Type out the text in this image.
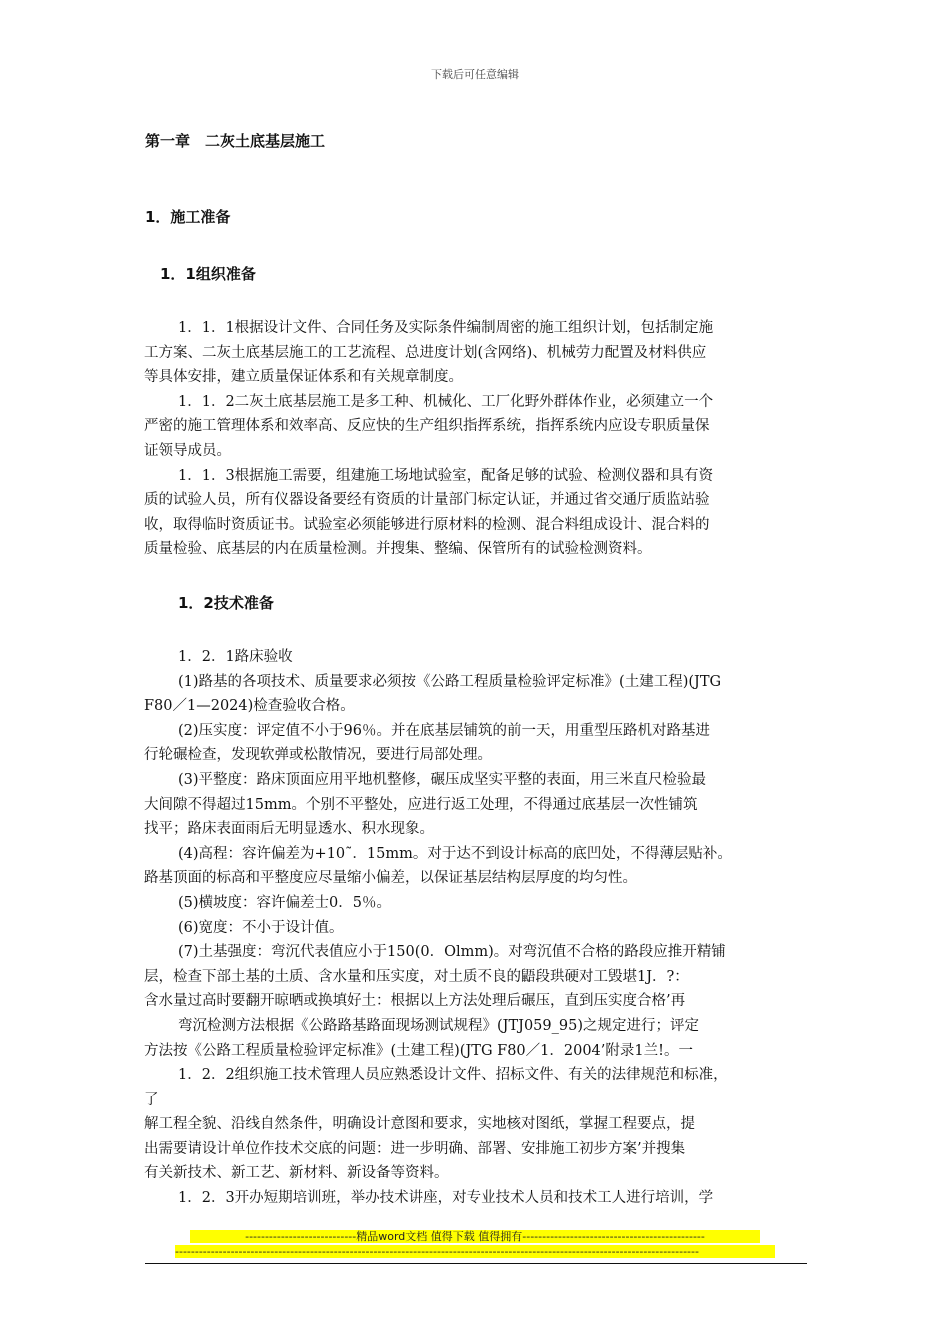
下载后可任意编辑
第一章　二灰土底基层施工
1．施工准备
1．1组织准备
1．1．1根据设计文件、合同任务及实际条件编制周密的施工组织计划，包括制定施
工方案、二灰土底基层施工的工艺流程、总进度计划(含网络)、机械劳力配置及材料供应
等具体安排，建立质量保证体系和有关规章制度。
1．1．2二灰土底基层施工是多工种、机械化、工厂化野外群体作业，必须建立一个
严密的施工管理体系和效率高、反应快的生产组织指挥系统，指挥系统内应设专职质量保
证领导成员。
1．1．3根据施工需要，组建施工场地试验室，配备足够的试验、检测仪器和具有资
质的试验人员，所有仪器设备要经有资质的计量部门标定认证，并通过省交通厅质监站验
收，取得临时资质证书。试验室必须能够进行原材料的检测、混合料组成设计、混合料的
质量检验、底基层的内在质量检测。并搜集、整编、保管所有的试验检测资料。
1．2技术准备
1．2．1路床验收
(1)路基的各项技术、质量要求必须按《公路工程质量检验评定标准》(土建工程)(JTG
F80／1—2024)检查验收合格。
(2)压实度：评定值不小于96％。并在底基层铺筑的前一天，用重型压路机对路基进
行轮碾检查，发现软弹或松散情况，要进行局部处理。
(3)平整度：路床顶面应用平地机整修，碾压成坚实平整的表面，用三米直尺检验最
大间隙不得超过15mm。个别不平整处，应进行返工处理，不得通过底基层一次性铺筑
找平；路床表面雨后无明显透水、积水现象。
(4)高程：容许偏差为+10˜．15mm。对于达不到设计标高的底凹处，不得薄层贴补。
路基顶面的标高和平整度应尽量缩小偏差，以保证基层结构层厚度的均匀性。
(5)横坡度：容许偏差士0．5％。
(6)宽度：不小于设计值。
(7)土基强度：弯沉代表值应小于150(0．Olmm)。对弯沉值不合格的路段应推开精铺
层，检查下部土基的土质、含水量和压实度，对土质不良的鼯段珙硬对工毁堪1J．?：
含水量过高时要翻开晾晒或换填好土：根据以上方法处理后碾压，直到压实度合格’再
弯沉检测方法根据《公路路基路面现场测试规程》(JTJ059_95)之规定进行；评定
方法按《公路工程质量检验评定标准》(土建工程)(JTG F80／1．2004’附录1兰!。一
1．2．2组织施工技术管理人员应熟悉设计文件、招标文件、有关的法律规范和标准，
了
解工程全貌、沿线自然条件，明确设计意图和要求，实地核对图纸，掌握工程要点，提
出需要请设计单位作技术交底的问题：进一步明确、部署、安排施工初步方案’并搜集
有关新技术、新工艺、新材料、新设备等资料。
1．2．3开办短期培训班，举办技术讲座，对专业技术人员和技术工人进行培训，学
----------------------------精品word文档 值得下载 值得拥有----------------------------------------------
------------------------------------------------------------------------------------------------------------------------------------
